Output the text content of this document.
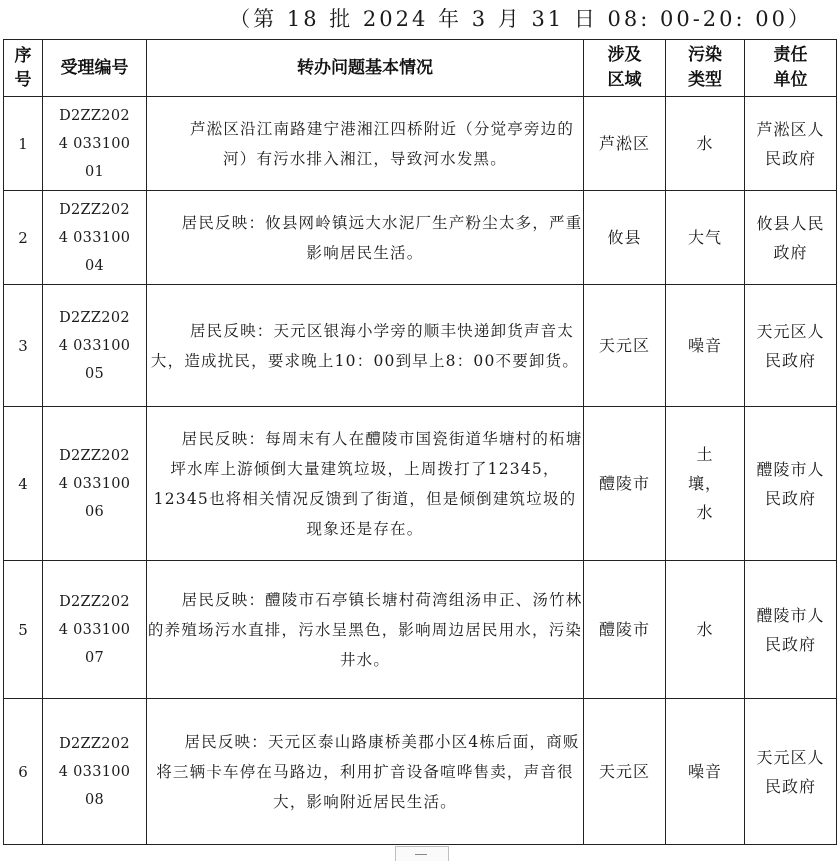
（第 18 批 2024 年 3 月 31 日 08: 00-20: 00）
序号	受理编号	转办问题基本情况	涉及区域	污染类型	责任单位

1	D2ZZ2024 03310001	芦淞区沿江南路建宁港湘江四桥附近（分觉亭旁边的河）有污水排入湘江，导致河水发黑。	芦淞区	水	芦淞区人民政府

2	D2ZZ2024 03310004	居民反映：攸县网岭镇远大水泥厂生产粉尘太多，严重影响居民生活。	攸县	大气	攸县人民政府

3	D2ZZ2024 03310005	居民反映：天元区银海小学旁的顺丰快递卸货声音太大，造成扰民，要求晚上10：00到早上8：00不要卸货。	天元区	噪音	天元区人民政府

4	D2ZZ2024 03310006	居民反映：每周末有人在醴陵市国瓷街道华塘村的柘塘坪水库上游倾倒大量建筑垃圾，上周拨打了12345，12345也将相关情况反馈到了街道，但是倾倒建筑垃圾的现象还是存在。	醴陵市	土壤，水	醴陵市人民政府

5	D2ZZ2024 03310007	居民反映：醴陵市石亭镇长塘村荷湾组汤申正、汤竹林的养殖场污水直排，污水呈黑色，影响周边居民用水，污染井水。	醴陵市	水	醴陵市人民政府

6	D2ZZ2024 03310008	居民反映：天元区泰山路康桥美郡小区4栋后面，商贩将三辆卡车停在马路边，利用扩音设备喧哗售卖，声音很大，影响附近居民生活。	天元区	噪音	天元区人民政府
